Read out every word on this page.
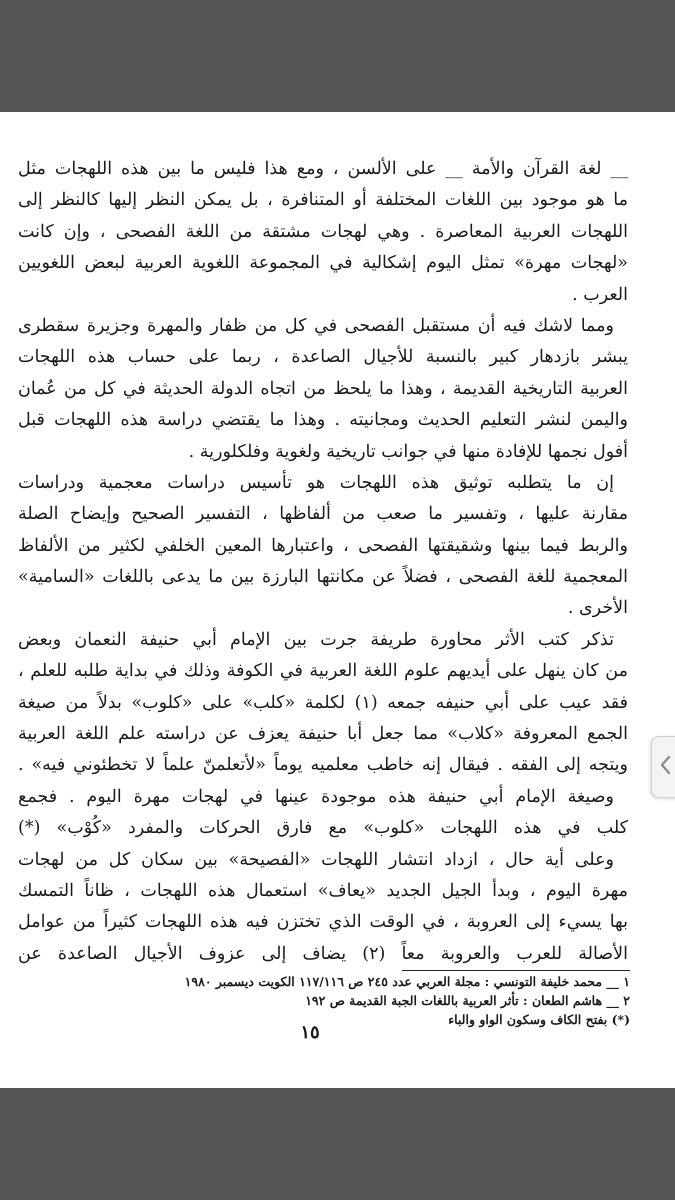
__ لغة القرآن والأمة __ على الألسن ، ومع هذا فليس ما بين هذه اللهجات مثل
ما هو موجود بين اللغات المختلفة أو المتنافرة ، بل يمكن النظر إليها كالنظر إلى
اللهجات العربية المعاصرة . وهي لهجات مشتقة من اللغة الفصحى ، وإن كانت
«لهجات مهرة» تمثل اليوم إشكالية في المجموعة اللغوية العربية لبعض اللغويين
العرب .
ومما لاشك فيه أن مستقبل الفصحى في كل من ظفار والمهرة وجزيرة سقطرى
يبشر بازدهار كبير بالنسبة للأجيال الصاعدة ، ربما على حساب هذه اللهجات
العربية التاريخية القديمة ، وهذا ما يلحظ من اتجاه الدولة الحديثة في كل من عُمان
واليمن لنشر التعليم الحديث ومجانيته . وهذا ما يقتضي دراسة هذه اللهجات قبل
أفول نجمها للإفادة منها في جوانب تاريخية ولغوية وفلكلورية .
إن ما يتطلبه توثيق هذه اللهجات هو تأسيس دراسات معجمية ودراسات
مقارنة عليها ، وتفسير ما صعب من ألفاظها ، التفسير الصحيح وإيضاح الصلة
والربط فيما بينها وشقيقتها الفصحى ، واعتبارها المعين الخلفي لكثير من الألفاظ
المعجمية للغة الفصحى ، فضلاً عن مكانتها البارزة بين ما يدعى باللغات «السامية»
الأخرى .
تذكر كتب الأثر محاورة طريفة جرت بين الإمام أبي حنيفة النعمان وبعض
من كان ينهل على أيديهم علوم اللغة العربية في الكوفة وذلك في بداية طلبه للعلم ،
فقد عيب على أبي حنيفه جمعه (١) لكلمة «كلب» على «كلوب» بدلاً من صيغة
الجمع المعروفة «كلاب» مما جعل أبا حنيفة يعزف عن دراسته علم اللغة العربية
ويتجه إلى الفقه . فيقال إنه خاطب معلميه يوماً «لأتعلمنّ علماً لا تخطئوني فيه» .
وصيغة الإمام أبي حنيفة هذه موجودة عينها في لهجات مهرة اليوم . فجمع
كلب في هذه اللهجات «كلوب» مع فارق الحركات والمفرد «كُوْب» (*)
وعلى أية حال ، ازداد انتشار اللهجات «الفصيحة» بين سكان كل من لهجات
مهرة اليوم ، وبدأ الجيل الجديد «يعاف» استعمال هذه اللهجات ، ظاناً التمسك
بها يسيء إلى العروبة ، في الوقت الذي تختزن فيه هذه اللهجات كثيراً من عوامل
الأصالة للعرب والعروبة معاً (٢) يضاف إلى عزوف الأجيال الصاعدة عن
١ __ محمد خليفة التونسي : مجلة العربي عدد ٢٤٥ ص ١١٧/١١٦ الكويت ديسمبر ١٩٨٠
٢ __ هاشم الطعان : تأثر العربية باللغات الجبة القديمة ص ١٩٢
(*) بفتح الكاف وسكون الواو والباء
١٥
